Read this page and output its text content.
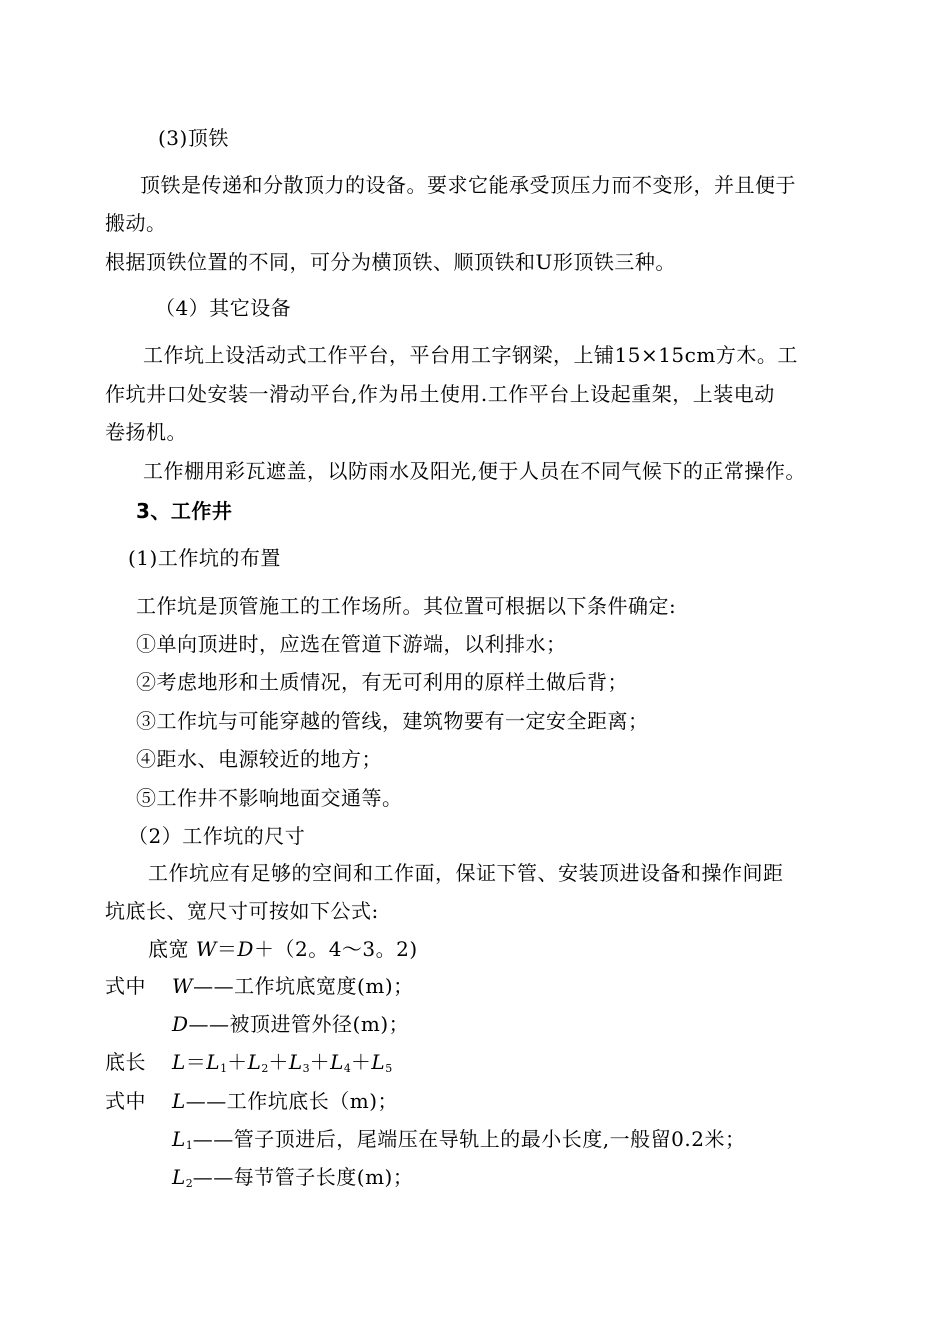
(3)顶铁
顶铁是传递和分散顶力的设备。要求它能承受顶压力而不变形，并且便于
搬动。
根据顶铁位置的不同，可分为横顶铁、顺顶铁和U形顶铁三种。
（4）其它设备
工作坑上设活动式工作平台，平台用工字钢梁，上铺15×15cm方木。工
作坑井口处安装一滑动平台,作为吊土使用.工作平台上设起重架，上装电动
卷扬机。
工作棚用彩瓦遮盖，以防雨水及阳光,便于人员在不同气候下的正常操作。
3、工作井
(1)工作坑的布置
工作坑是顶管施工的工作场所。其位置可根据以下条件确定:
①单向顶进时，应选在管道下游端，以利排水；
②考虑地形和土质情况，有无可利用的原样土做后背；
③工作坑与可能穿越的管线，建筑物要有一定安全距离；
④距水、电源较近的地方；
⑤工作井不影响地面交通等。
（2）工作坑的尺寸
工作坑应有足够的空间和工作面，保证下管、安装顶进设备和操作间距
坑底长、宽尺寸可按如下公式:
底宽 W＝D＋（2。4～3。2)
式中 W——工作坑底宽度(m)；
D——被顶进管外径(m)；
底长 $L=L_1+L_2+L_3+L_4+L_5$
式中 L——工作坑底长（m)；
$L_1——$管子顶进后，尾端压在导轨上的最小长度,一般留0.2米；
$L_2——$每节管子长度(m)；
